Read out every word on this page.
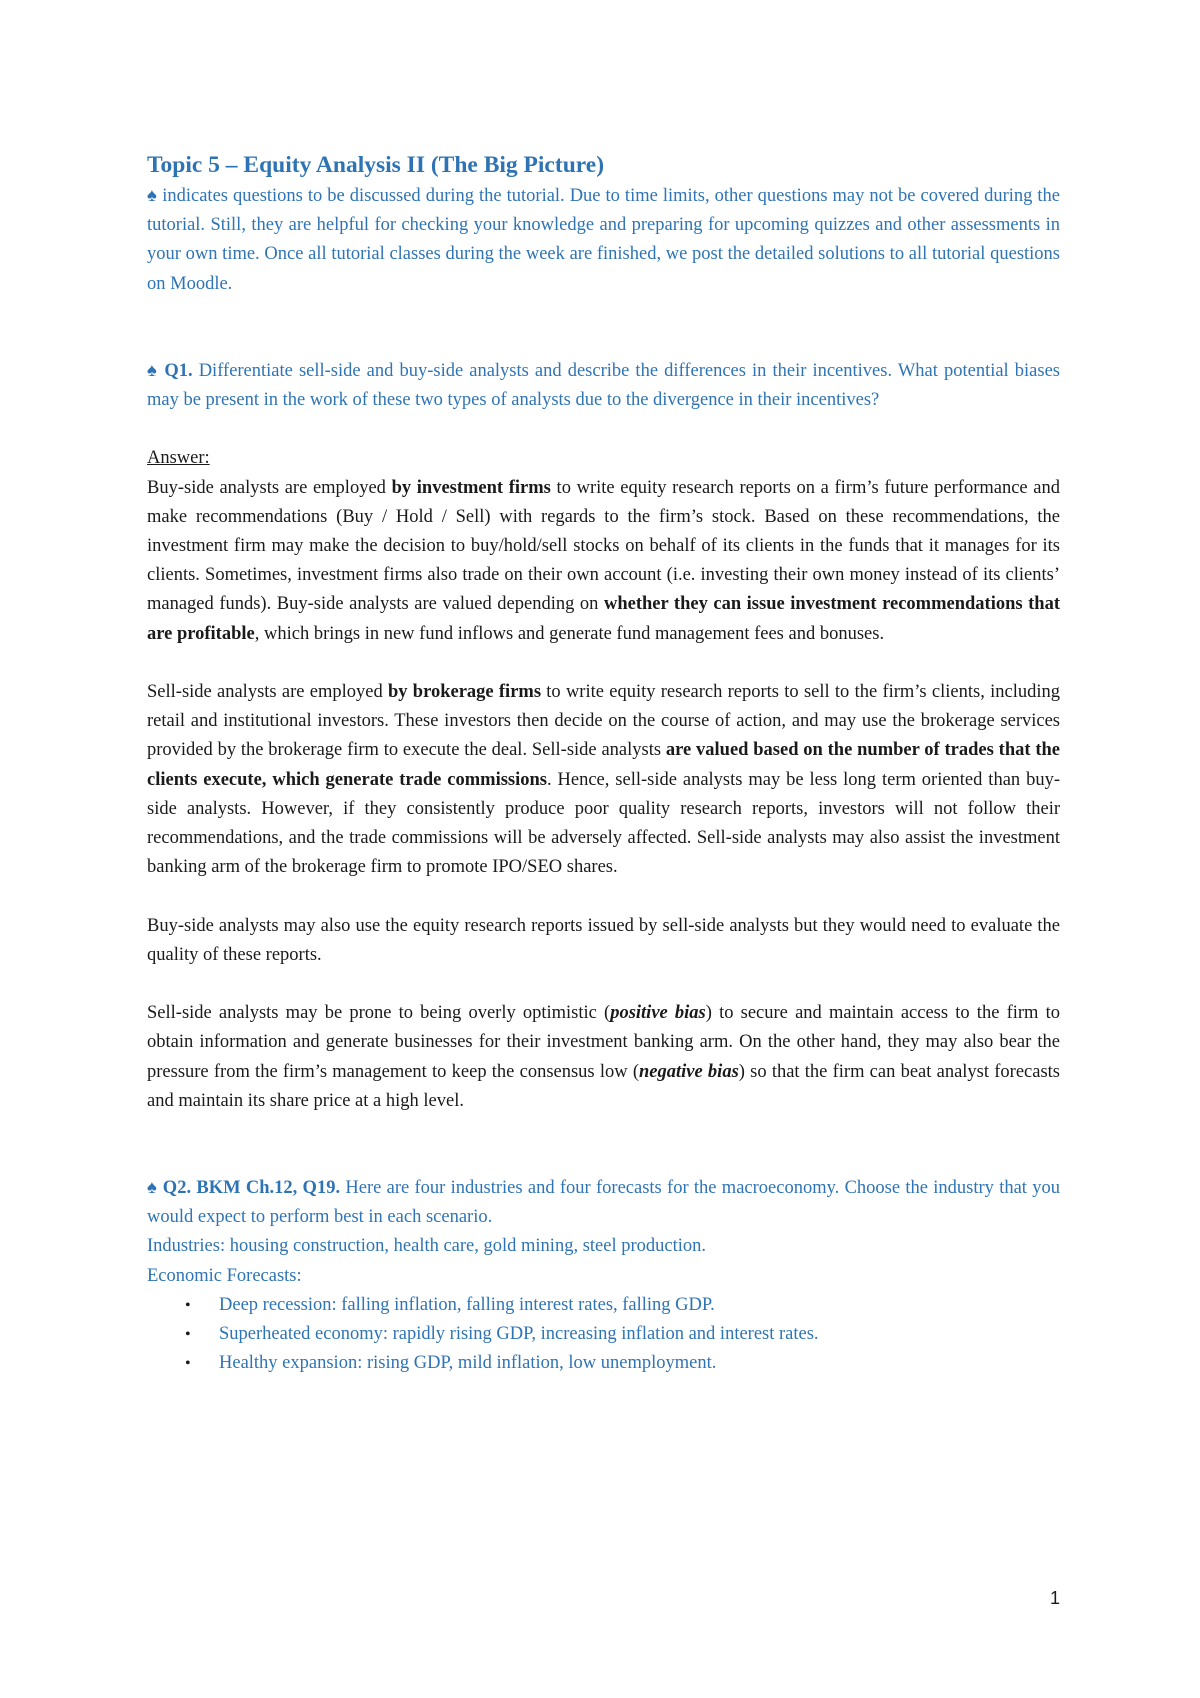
Topic 5 – Equity Analysis II (The Big Picture)

♠ indicates questions to be discussed during the tutorial. Due to time limits, other questions may not be covered during the tutorial. Still, they are helpful for checking your knowledge and preparing for upcoming quizzes and other assessments in your own time. Once all tutorial classes during the week are finished, we post the detailed solutions to all tutorial questions on Moodle.

♠ Q1. Differentiate sell-side and buy-side analysts and describe the differences in their incentives. What potential biases may be present in the work of these two types of analysts due to the divergence in their incentives?

Answer:

Buy-side analysts are employed by investment firms to write equity research reports on a firm’s future performance and make recommendations (Buy / Hold / Sell) with regards to the firm’s stock. Based on these recommendations, the investment firm may make the decision to buy/hold/sell stocks on behalf of its clients in the funds that it manages for its clients. Sometimes, investment firms also trade on their own account (i.e. investing their own money instead of its clients’ managed funds). Buy-side analysts are valued depending on whether they can issue investment recommendations that are profitable, which brings in new fund inflows and generate fund management fees and bonuses.

Sell-side analysts are employed by brokerage firms to write equity research reports to sell to the firm’s clients, including retail and institutional investors. These investors then decide on the course of action, and may use the brokerage services provided by the brokerage firm to execute the deal. Sell-side analysts are valued based on the number of trades that the clients execute, which generate trade commissions. Hence, sell-side analysts may be less long term oriented than buy-side analysts. However, if they consistently produce poor quality research reports, investors will not follow their recommendations, and the trade commissions will be adversely affected. Sell-side analysts may also assist the investment banking arm of the brokerage firm to promote IPO/SEO shares.

Buy-side analysts may also use the equity research reports issued by sell-side analysts but they would need to evaluate the quality of these reports.

Sell-side analysts may be prone to being overly optimistic (positive bias) to secure and maintain access to the firm to obtain information and generate businesses for their investment banking arm. On the other hand, they may also bear the pressure from the firm’s management to keep the consensus low (negative bias) so that the firm can beat analyst forecasts and maintain its share price at a high level.

♠ Q2. BKM Ch.12, Q19. Here are four industries and four forecasts for the macroeconomy. Choose the industry that you would expect to perform best in each scenario.

Industries: housing construction, health care, gold mining, steel production.

Economic Forecasts:

• Deep recession: falling inflation, falling interest rates, falling GDP.
• Superheated economy: rapidly rising GDP, increasing inflation and interest rates.
• Healthy expansion: rising GDP, mild inflation, low unemployment.
1
